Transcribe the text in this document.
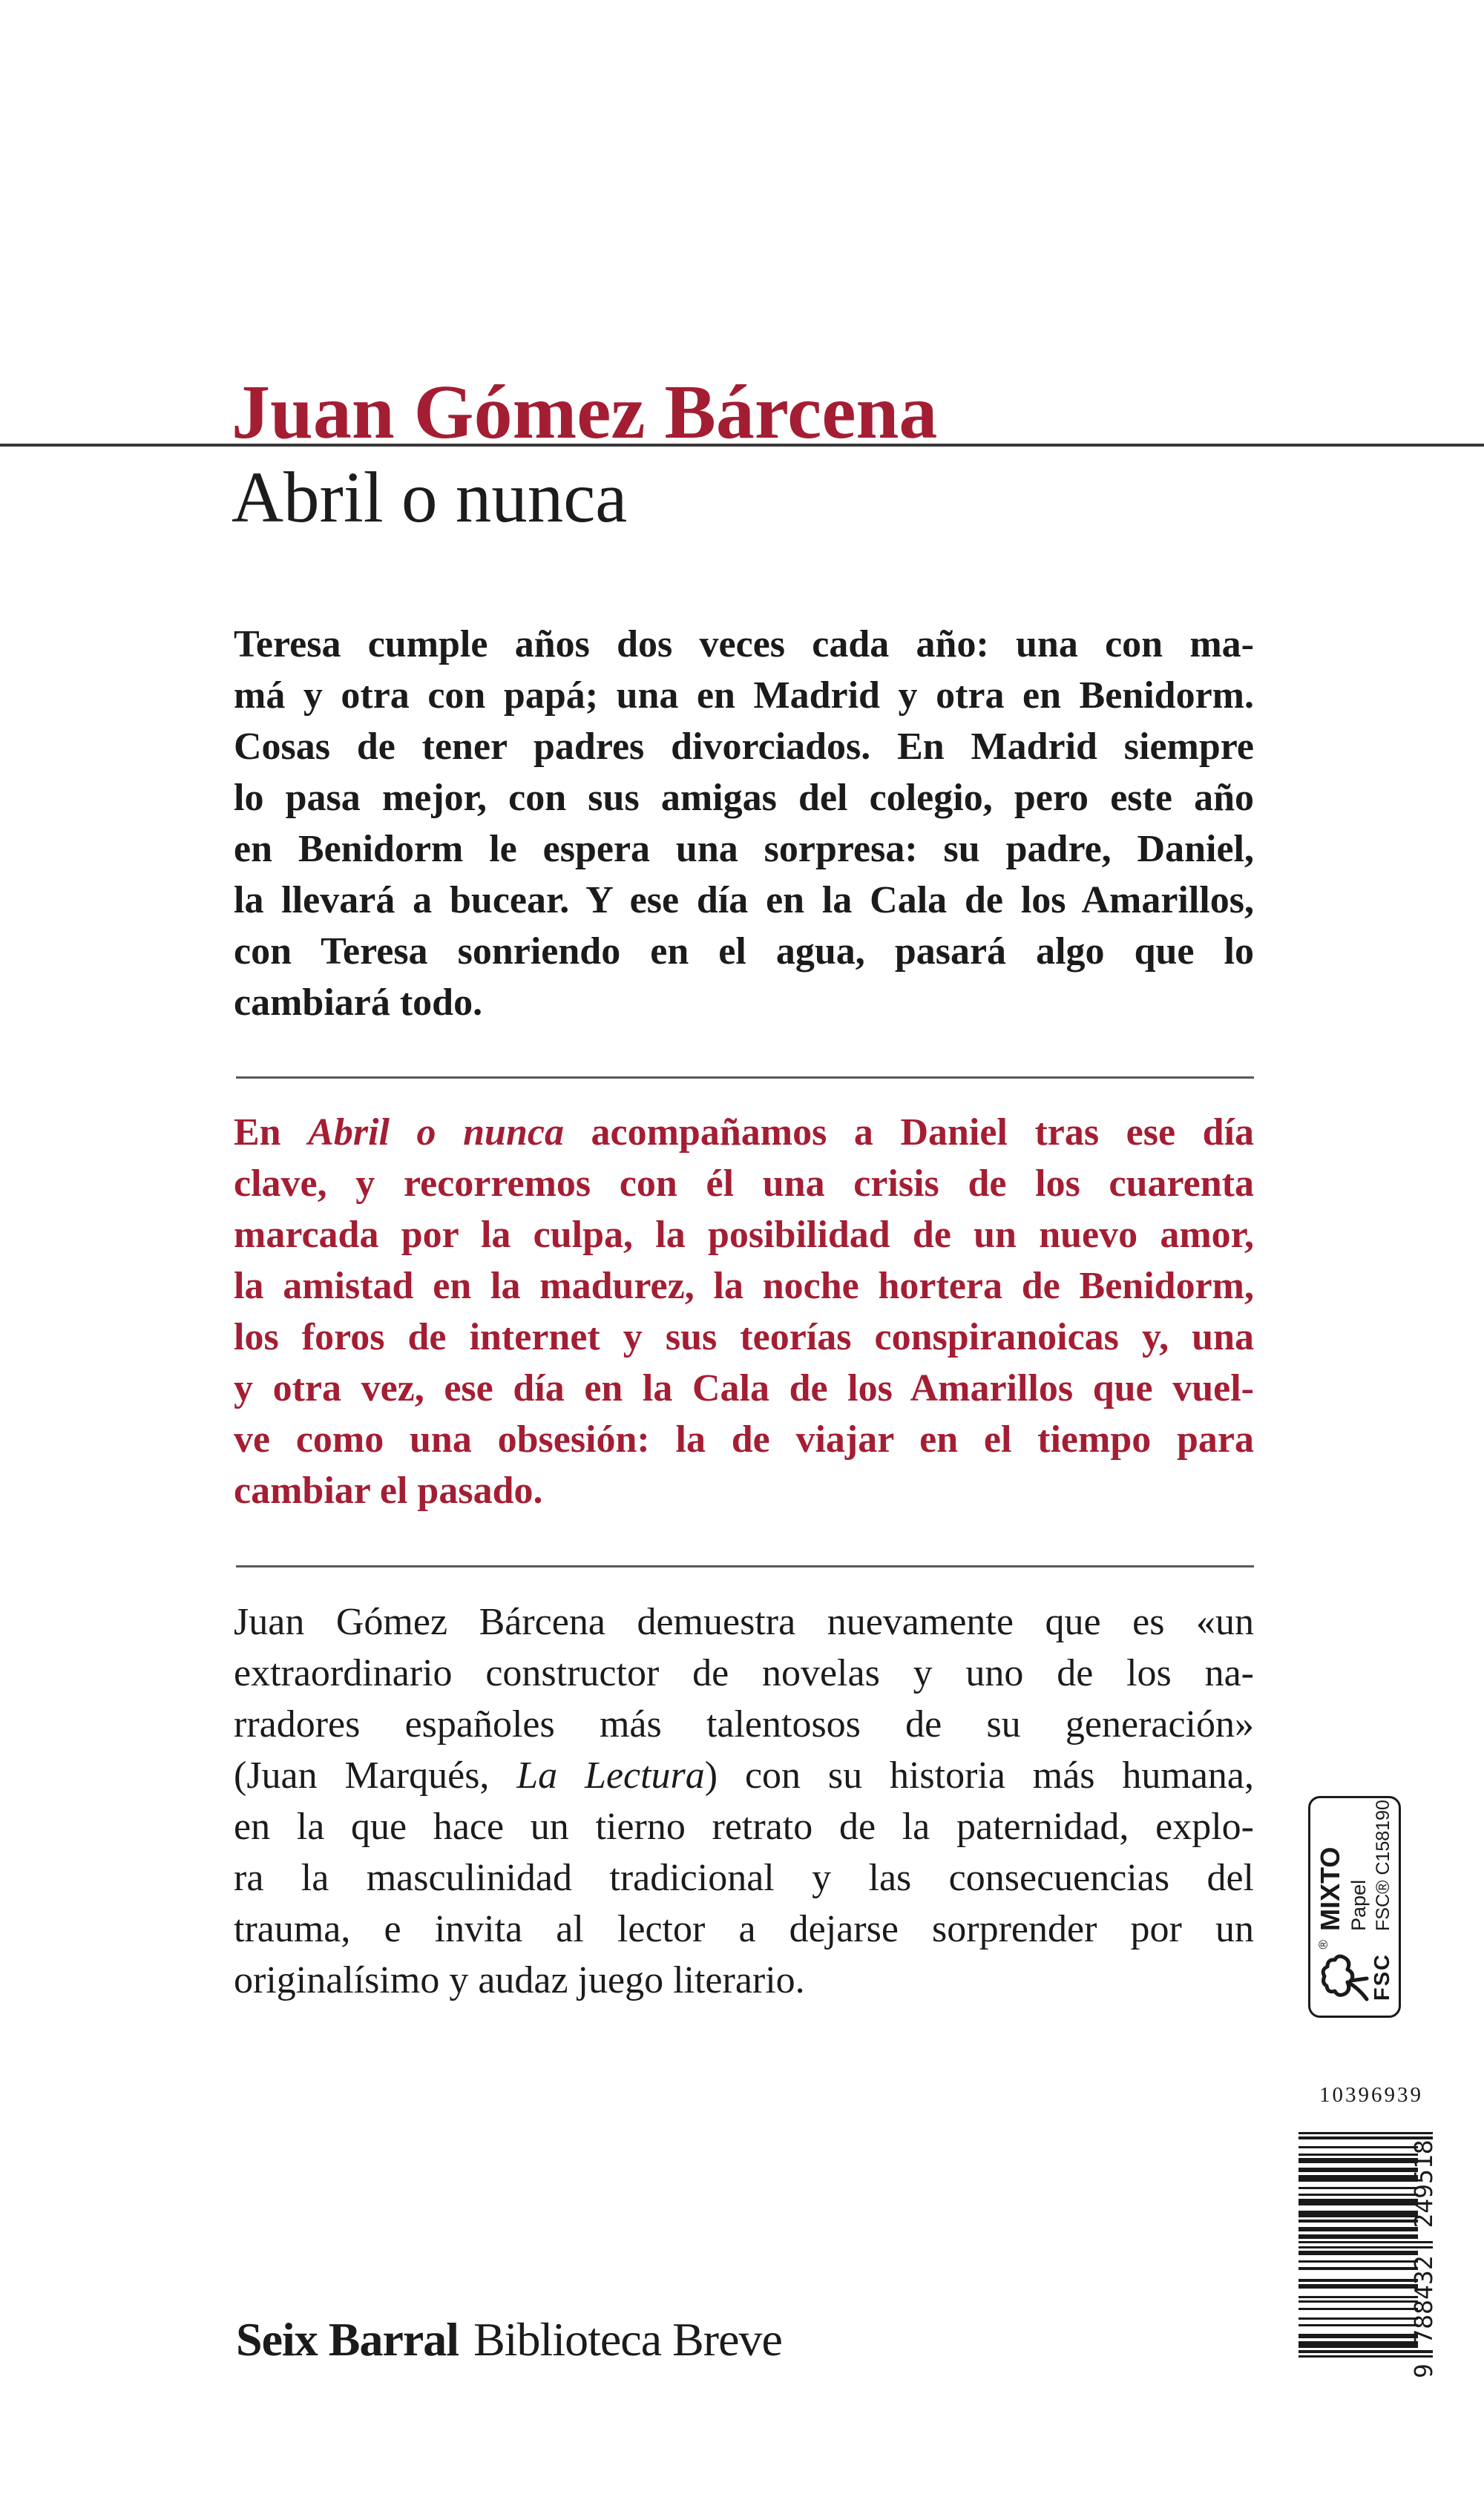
Juan Gómez Bárcena
Abril o nunca
Teresa cumple años dos veces cada año: una con ma-
má y otra con papá; una en Madrid y otra en Benidorm.
Cosas de tener padres divorciados. En Madrid siempre
lo pasa mejor, con sus amigas del colegio, pero este año
en Benidorm le espera una sorpresa: su padre, Daniel,
la llevará a bucear. Y ese día en la Cala de los Amarillos,
con Teresa sonriendo en el agua, pasará algo que lo
cambiará todo.
En Abril o nunca acompañamos a Daniel tras ese día
clave, y recorremos con él una crisis de los cuarenta
marcada por la culpa, la posibilidad de un nuevo amor,
la amistad en la madurez, la noche hortera de Benidorm,
los foros de internet y sus teorías conspiranoicas y, una
y otra vez, ese día en la Cala de los Amarillos que vuel-
ve como una obsesión: la de viajar en el tiempo para
cambiar el pasado.
Juan Gómez Bárcena demuestra nuevamente que es «un
extraordinario constructor de novelas y uno de los na-
rradores españoles más talentosos de su generación»
(Juan Marqués, La Lectura) con su historia más humana,
en la que hace un tierno retrato de la paternidad, explo-
ra la masculinidad tradicional y las consecuencias del
trauma, e invita al lector a dejarse sorprender por un
originalísimo y audaz juego literario.
®
FSC
MIXTO Papel FSC® C158190
10396939
9
788432
249518
Seix Barral Biblioteca Breve
